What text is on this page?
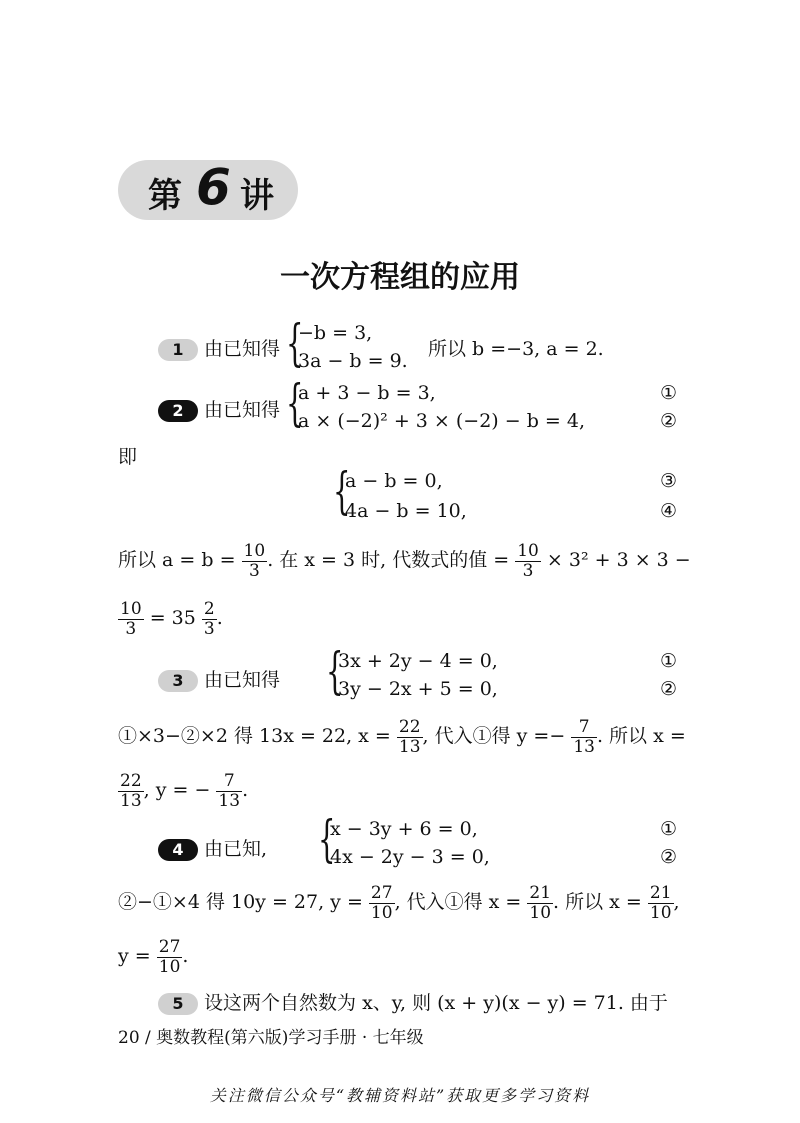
第 6 讲
一次方程组的应用
1 由已知得 {
−b = 3,
3a − b = 9.
所以 b =−3, a = 2.
2 由已知得 {
a + 3 − b = 3,
a × (−2)² + 3 × (−2) − b = 4,
①
②
即
{
a − b = 0,
4a − b = 10,
③
④
所以 $a = b = \frac{10}{3}$ . 在 x = 3 时, 代数式的值 = $\frac{10}{3} \times 3^2 + 3 \times 3$ −
$\frac{10}{3} = 35 \frac{2}{3}$ .
3 由已知得 {
3x + 2y − 4 = 0,
3y − 2x + 5 = 0,
①
②
①×3−②×2 得 13x = 22, $x = \frac{22}{13}$ , 代入①得 $y =- \frac{7}{13}$ . 所以 x =
$\frac{22}{13}$ , y = − $\frac{7}{13}$ .
4 由已知, {
x − 3y + 6 = 0,
4x − 2y − 3 = 0,
①
②
②−①×4 得 10y = 27, $y = \frac{27}{10}$ , 代入①得 $x = \frac{21}{10}$ . 所以 $x = \frac{21}{10}$ ,
$y = \frac{27}{10}$ .
5 设这两个自然数为 x、y, 则 (x + y)(x − y) = 71. 由于
20 / 奥数教程(第六版)学习手册 · 七年级
关注微信公众号“教辅资料站”获取更多学习资料
